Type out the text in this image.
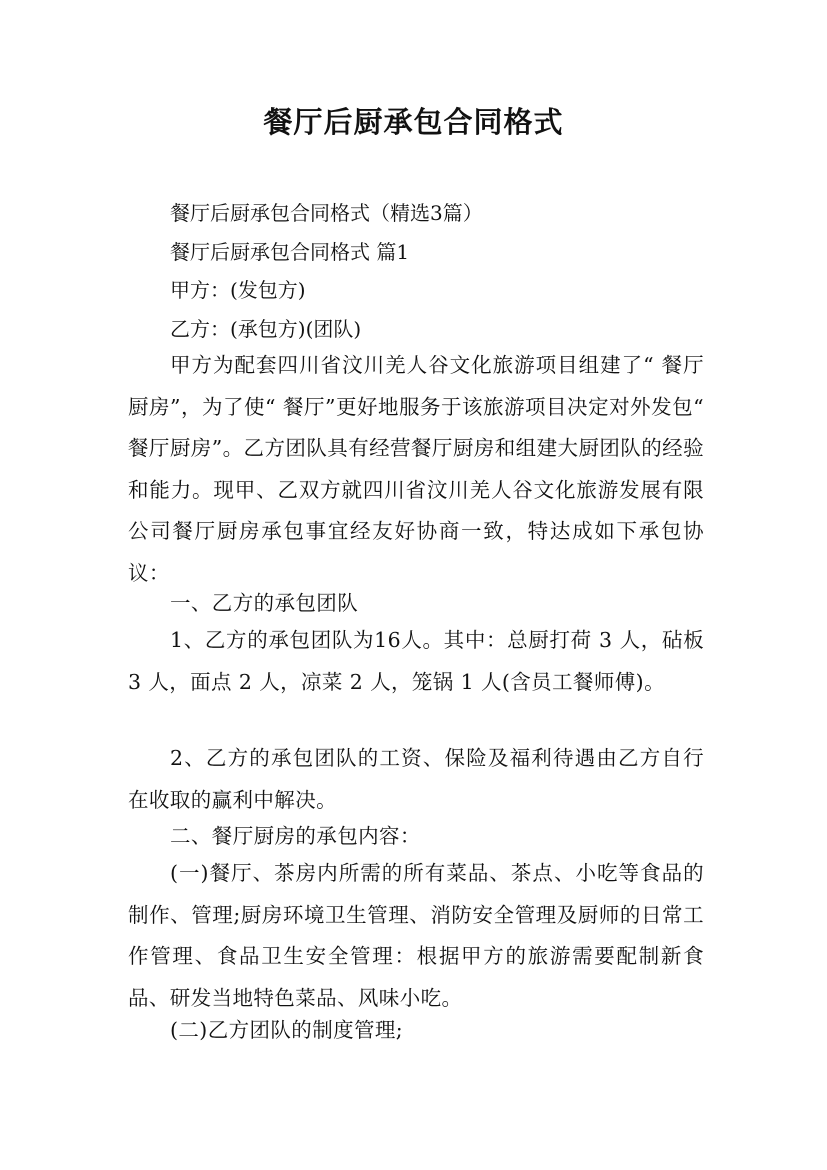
餐厅后厨承包合同格式
餐厅后厨承包合同格式（精选3篇）
餐厅后厨承包合同格式 篇1
甲方：(发包方)
乙方：(承包方)(团队)
甲方为配套四川省汶川羌人谷文化旅游项目组建了“ 餐厅厨房”，为了使“ 餐厅”更好地服务于该旅游项目决定对外发包“ 餐厅厨房”。乙方团队具有经营餐厅厨房和组建大厨团队的经验和能力。现甲、乙双方就四川省汶川羌人谷文化旅游发展有限公司餐厅厨房承包事宜经友好协商一致，特达成如下承包协议：
一、乙方的承包团队
1、乙方的承包团队为16人。其中：总厨打荷 3 人，砧板 3 人，面点 2 人，凉菜 2 人，笼锅 1 人(含员工餐师傅)。
2、乙方的承包团队的工资、保险及福利待遇由乙方自行在收取的赢利中解决。
二、餐厅厨房的承包内容：
(一)餐厅、茶房内所需的所有菜品、茶点、小吃等食品的制作、管理;厨房环境卫生管理、消防安全管理及厨师的日常工作管理、食品卫生安全管理：根据甲方的旅游需要配制新食品、研发当地特色菜品、风味小吃。
(二)乙方团队的制度管理;
